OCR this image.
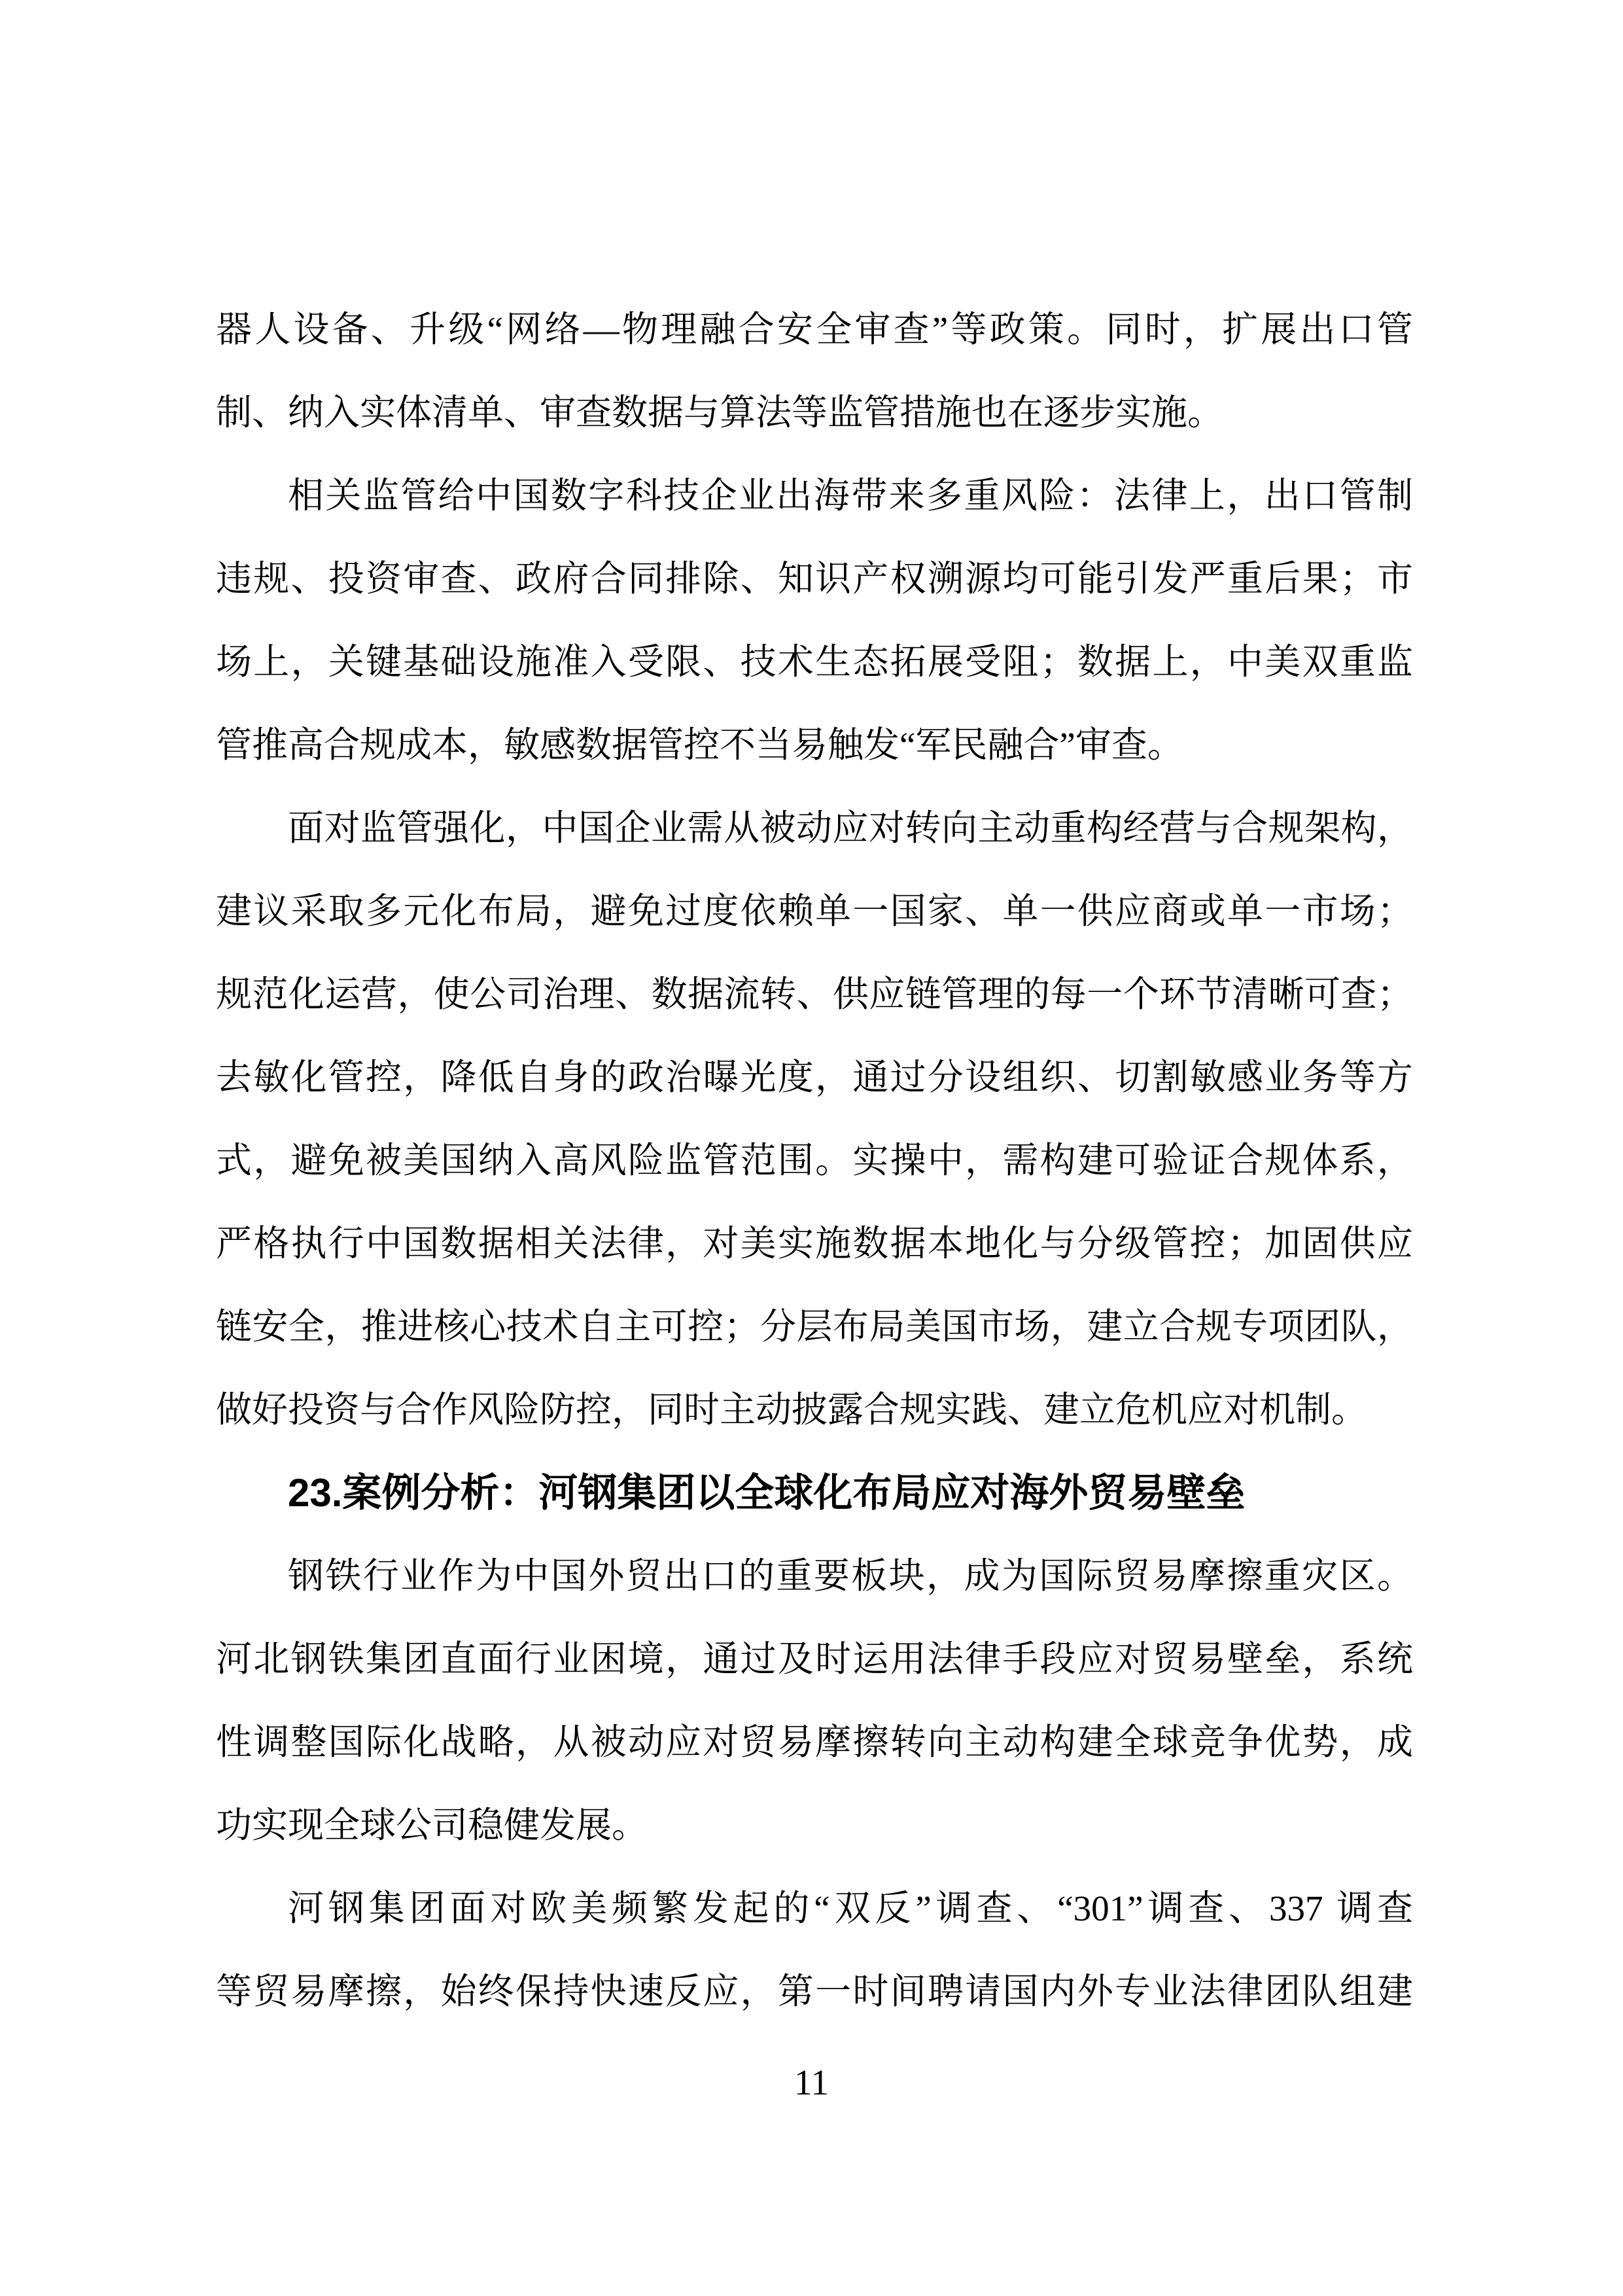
器人设备、升级“网络—物理融合安全审查”等政策。同时，扩展出口管
制、纳入实体清单、审查数据与算法等监管措施也在逐步实施。
相关监管给中国数字科技企业出海带来多重风险：法律上，出口管制
违规、投资审查、政府合同排除、知识产权溯源均可能引发严重后果；市
场上，关键基础设施准入受限、技术生态拓展受阻；数据上，中美双重监
管推高合规成本，敏感数据管控不当易触发“军民融合”审查。
面对监管强化，中国企业需从被动应对转向主动重构经营与合规架构，
建议采取多元化布局，避免过度依赖单一国家、单一供应商或单一市场；
规范化运营，使公司治理、数据流转、供应链管理的每一个环节清晰可查；
去敏化管控，降低自身的政治曝光度，通过分设组织、切割敏感业务等方
式，避免被美国纳入高风险监管范围。实操中，需构建可验证合规体系，
严格执行中国数据相关法律，对美实施数据本地化与分级管控；加固供应
链安全，推进核心技术自主可控；分层布局美国市场，建立合规专项团队，
做好投资与合作风险防控，同时主动披露合规实践、建立危机应对机制。
23.案例分析：河钢集团以全球化布局应对海外贸易壁垒
钢铁行业作为中国外贸出口的重要板块，成为国际贸易摩擦重灾区。
河北钢铁集团直面行业困境，通过及时运用法律手段应对贸易壁垒，系统
性调整国际化战略，从被动应对贸易摩擦转向主动构建全球竞争优势，成
功实现全球公司稳健发展。
河钢集团面对欧美频繁发起的“双反”调查、“301”调查、337 调查
等贸易摩擦，始终保持快速反应，第一时间聘请国内外专业法律团队组建
11
